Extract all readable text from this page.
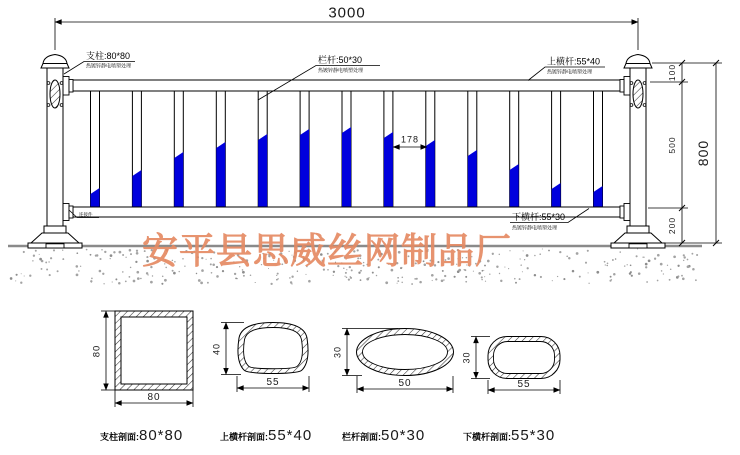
3000
100
500
200
800
178
支柱:80*80
热镀锌静电喷塑处理
栏杆:50*30
热镀锌静电喷塑处理
上横杆:55*40
热镀锌静电喷塑处理
下横杆:55*30
热镀锌静电喷塑处理
连接件
安平县思威丝网制品厂
80
80
支柱剖面:80*80
40
55
上横杆剖面:55*40
30
50
栏杆剖面:50*30
30
55
下横杆剖面:55*30
